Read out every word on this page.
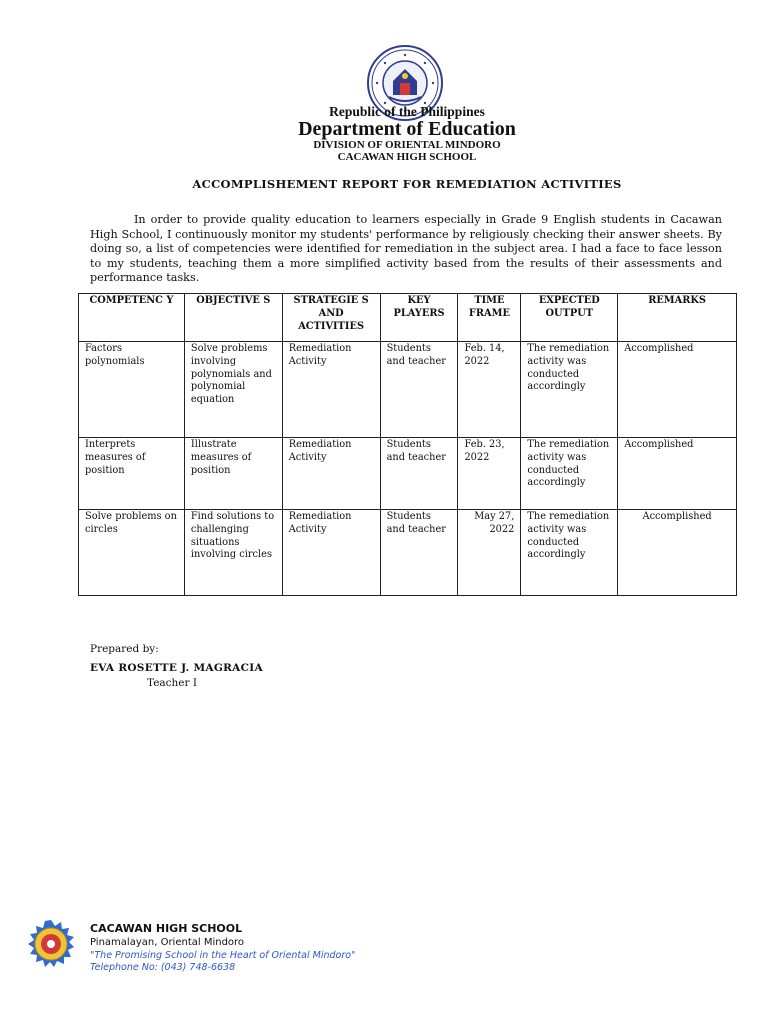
Republic of the Philippines
Department of Education
DIVISION OF ORIENTAL MINDORO
CACAWAN HIGH SCHOOL
ACCOMPLISHEMENT REPORT FOR REMEDIATION ACTIVITIES
In order to provide quality education to learners especially in Grade 9 English students in Cacawan High School, I continuously monitor my students' performance by religiously checking their answer sheets. By doing so, a list of competencies were identified for remediation in the subject area. I had a face to face lesson to my students, teaching them a more simplified activity based from the results of their assessments and performance tasks.
COMPETENC Y	OBJECTIVE S	STRATEGIE S AND ACTIVITIES	KEY PLAYERS	TIME FRAME	EXPECTED OUTPUT	REMARKS
Factors polynomials	Solve problems involving polynomials and polynomial equation	Remediation Activity	Students and teacher	Feb. 14, 2022	The remediation activity was conducted accordingly	Accomplished
Interprets measures of position	Illustrate measures of position	Remediation Activity	Students and teacher	Feb. 23, 2022	The remediation activity was conducted accordingly	Accomplished
Solve problems on circles	Find solutions to challenging situations involving circles	Remediation Activity	Students and teacher	May 27, 2022	The remediation activity was conducted accordingly	Accomplished
Prepared by:
EVA ROSETTE J. MAGRACIA
Teacher I
CACAWAN HIGH SCHOOL
Pinamalayan, Oriental Mindoro
"The Promising School in the Heart of Oriental Mindoro"
Telephone No: (043) 748-6638
